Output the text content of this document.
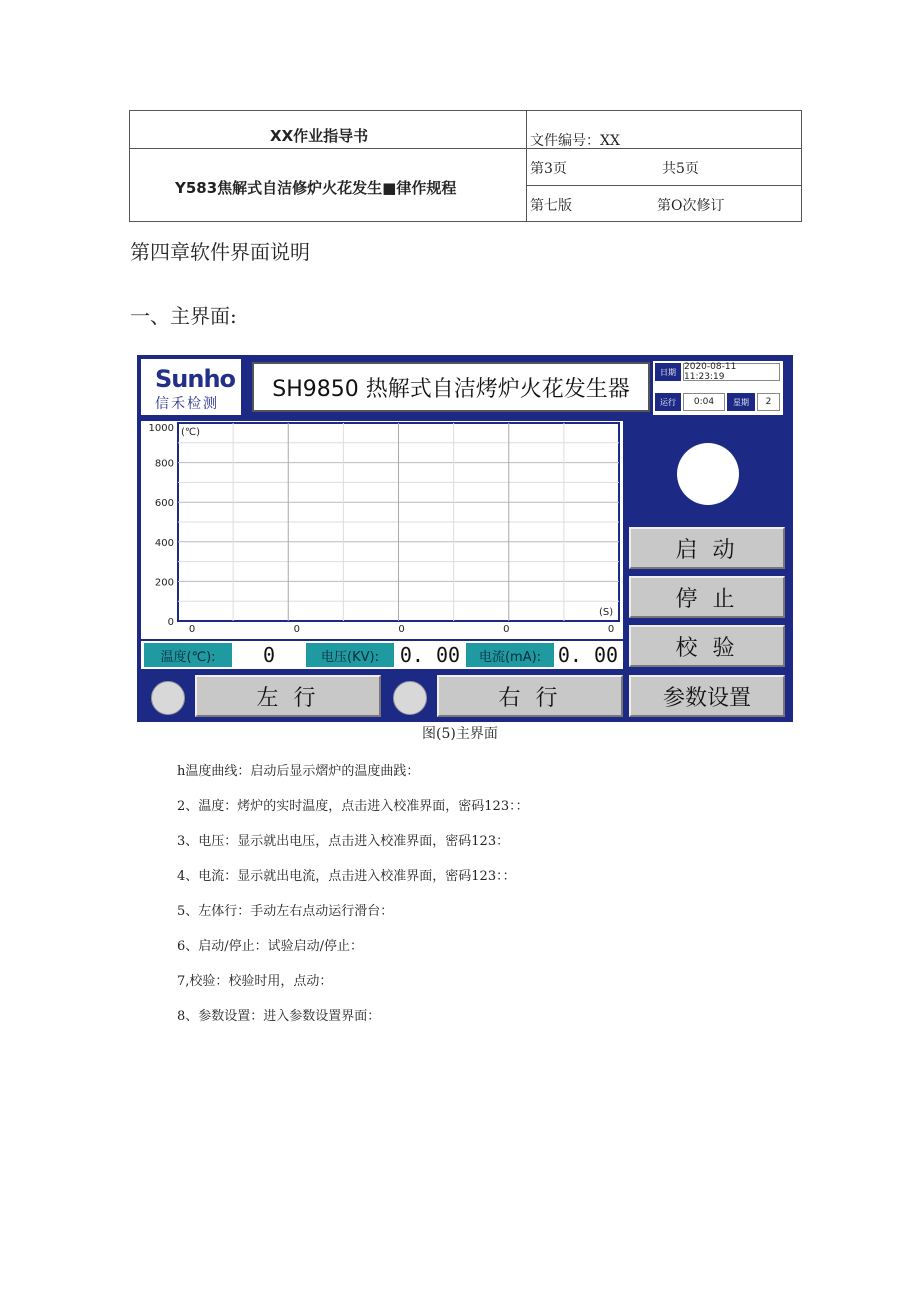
XX作业指导书	文件编号：XX
Y583焦解式自洁修炉火花发生■律作规程
第3页	共5页
第七版	第O次修订
第四章软件界面说明
一、主界面:
Sunho
信禾检测
SH9850 热解式自洁烤炉火花发生器
日期 2020-08-11 11:23:19
运行	0:04	星期	2
1000
800
600
400
200
0
0	0	0	0	0
(℃)
(S)
温度(℃):	0	电压(KV):	0. 00	电流(mA): 0. 00
左 行	右 行
启 动
停 止
校 验
参数设置
图(5)主界面

h温度曲线：启动后显示熠炉的温度曲践：

2、温度：烤炉的实时温度，点击进入校准界面，密码123：：

3、电压：显示就出电压，点击进入校准界面，密码123：

4、电流：显示就出电流，点击进入校准界面，密码123：：

5、左体行：手动左右点动运行滑台：

6、启动/停止：试验启动/停止：

7,校验：校验时用，点动：

8、参数设置：进入参数设置界面：
